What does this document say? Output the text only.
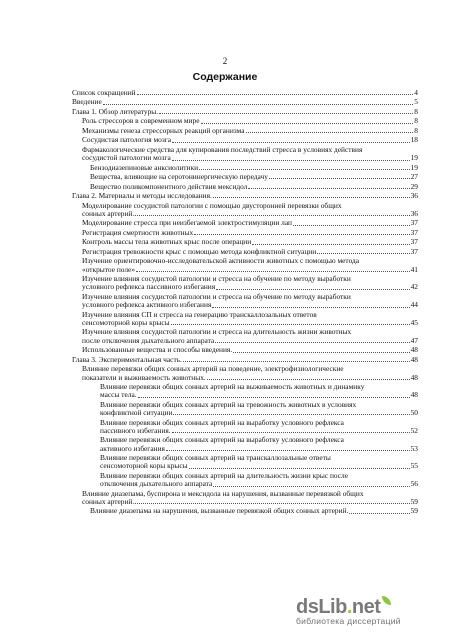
2
Содержание
Список сокращений	4
Введение	5
Глава 1. Обзор литературы.	8
Роль стрессоров в современном мире	8
Механизмы генеза стрессорных реакций организма	8
Сосудистая патология мозга	18
Фармакологические средства для купирования последствий стресса в условиях действия
сосудистой патологии мозга	19
Бензодиазепиновые анксиолитики	19
Вещества, влияющие на серотонинергическую передачу	27
Вещество поликомпонентного действия мексидол	29
Глава 2. Материалы и методы исследования.	36
Моделирование сосудистой патологии с помощью двусторонней перевязки общих
сонных артерий.	36
Моделирование стресса при неизбегаемой электростимуляции лап	37
Регистрация смертности животных	37
Контроль массы тела животных крыс после операции	37
Регистрация тревожности крыс с помощью метода конфликтной ситуации	37
Изучение ориентировочно-исследовательской активности животных с помощью метода
«открытое поле»	41
Изучение влияния сосудистой патологии и стресса на обучение по методу выработки
условного рефлекса пассивного избегания	42
Изучение влияния сосудистой патологии и стресса на обучение по методу выработки
условного рефлекса активного избегания	44
Изучение влияния СП и стресса на генерацию транскаллозальных ответов
сенсомоторной коры крысы	45
Изучение влияния сосудистой патологии и стресса на длительность жизни животных
после отключения дыхательного аппарата	47
Использованные вещества и способы введения.	48
Глава 3. Экспериментальная часть.	48
Влияние перевязки общих сонных артерий на поведение, электрофизиологические
показатели и выживаемость животных.	48
Влияние перевязки общих сонных артерий на выживаемость животных и динамику
массы тела.	48
Влияние перевязки общих сонных артерий на тревожность животных в условиях
конфликтной ситуации	50
Влияние перевязки общих сонных артерий на выработку условного рефлекса
пассивного избегания.	52
Влияние перевязки общих сонных артерий на выработку условного рефлекса
активного избегания	53
Влияние перевязки общих сонных артерий на транскаллозальные ответы
сенсомоторной коры крысы	55
Влияние перевязки общих сонных артерий на длительность жизни крыс после
отключения дыхательного аппарата	56
Влияние диазепама, буспирона и мексидола на нарушения, вызванные перевязкой общих
сонных артерий.	59
Влияние диазепама на нарушения, вызванные перевязкой общих сонных артерий.	59
dsLib.net
библиотека диссертаций
